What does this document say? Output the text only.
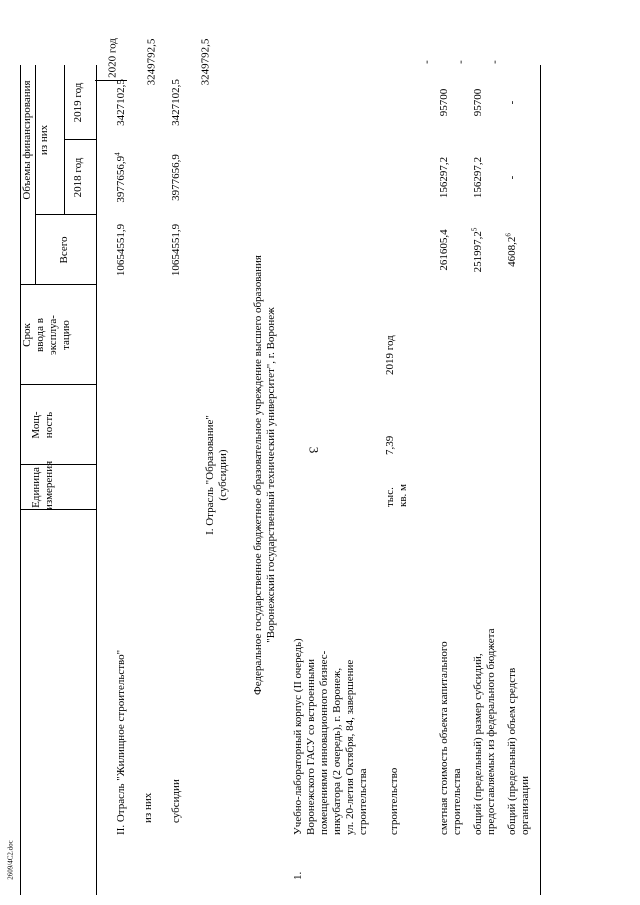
3
2609/4C2.doc
Единица измерения
Мощ- ность
Срок ввода в эксплуа- тацию
Объемы финансирования
Всего
из них
2018 год
2019 год
II. Отрасль "Жилищное строительство"
10654551,9
3977656,9$^4$
3427102,5
из них субсидии
10654551,9
3977656,9
3427102,5
I. Отрасль "Образование" (субсидии) Федеральное государственное бюджетное образовательное учреждение высшего образования "Воронежский государственный технический университет", г. Воронеж
1.
Учебно-лабораторный корпус (II очередь) Воронежского ГАСУ со встроенными помещениями инновационного бизнес- инкубатора (2 очередь), г. Воронеж, ул. 20-летия Октября, 84, завершение строительства строительство
тыс. кв. м
7,39
2019 год
сметная стоимость объекта капитального строительства
261605,4
156297,2
95700
общий (предельный) размер субсидий, предоставляемых из федерального бюджета
251997,2$^5$
156297,2
95700
общий (предельный) объем средств организации
4608,2$^6$
-
-
2020 год 3249792,5	3249792,5	- - -
